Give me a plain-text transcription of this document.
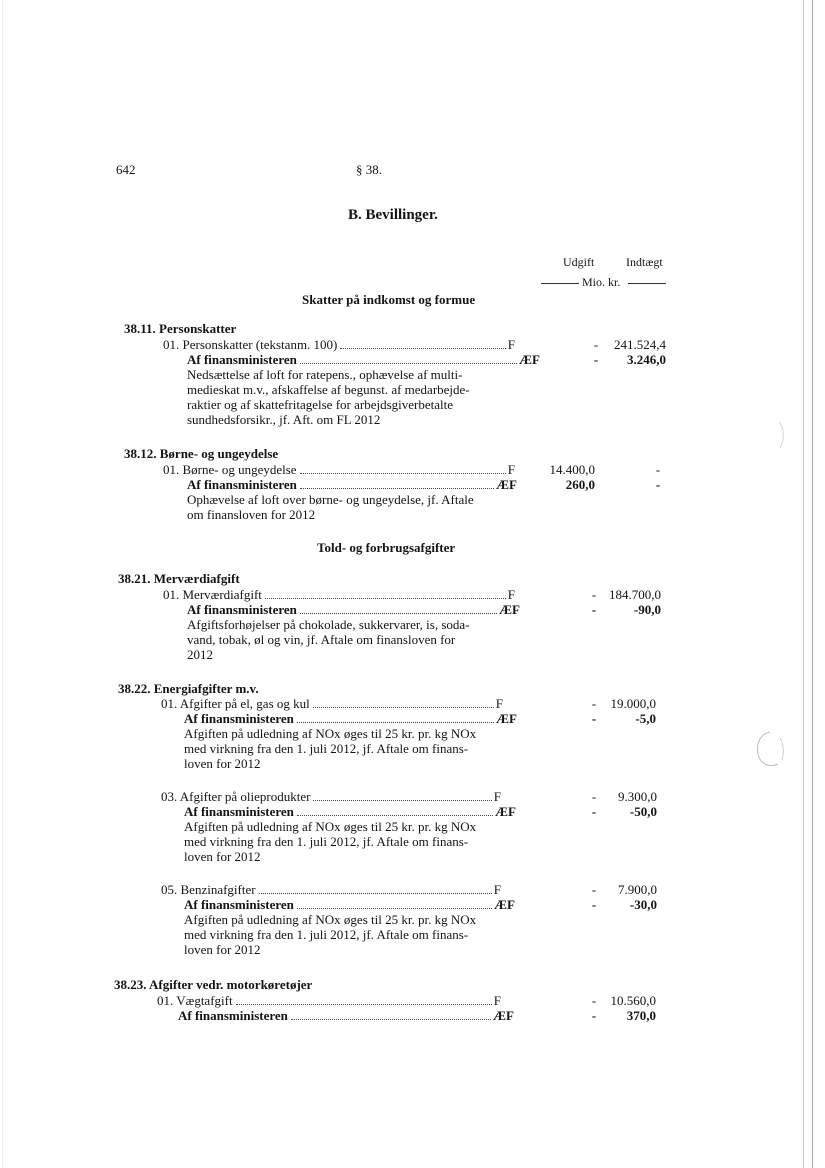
642	§ 38.
B. Bevillinger.
Udgift	Indtægt
Mio. kr.
Skatter på indkomst og formue
38.11. Personskatter
01. Personskatter (tekstanm. 100)	F	-	241.524,4
Af finansministeren	ÆF	-	3.246,0

Nedsættelse af loft for ratepens., ophævelse af multi-

medieskat m.v., afskaffelse af begunst. af medarbejde-

raktier og af skattefritagelse for arbejdsgiverbetalte

sundhedsforsikr., jf. Aft. om FL 2012

38.12. Børne- og ungeydelse
01. Børne- og ungeydelse	F	14.400,0	-
Af finansministeren	ÆF	260,0	-

Ophævelse af loft over børne- og ungeydelse, jf. Aftale

om finansloven for 2012

Told- og forbrugsafgifter
38.21. Merværdiafgift
01. Merværdiafgift	F	- 184.700,0
Af finansministeren	ÆF	-	-90,0

Afgiftsforhøjelser på chokolade, sukkervarer, is, soda-

vand, tobak, øl og vin, jf. Aftale om finansloven for

2012

38.22. Energiafgifter m.v.
01. Afgifter på el, gas og kul	F	-	19.000,0
Af finansministeren	ÆF	-	-5,0

Afgiften på udledning af NOx øges til 25 kr. pr. kg NOx

med virkning fra den 1. juli 2012, jf. Aftale om finans-

loven for 2012

03. Afgifter på olieprodukter	F	-	9.300,0
Af finansministeren	ÆF	-	-50,0

Afgiften på udledning af NOx øges til 25 kr. pr. kg NOx

med virkning fra den 1. juli 2012, jf. Aftale om finans-

loven for 2012

05. Benzinafgifter	F	-	7.900,0
Af finansministeren	ÆF	-	-30,0

Afgiften på udledning af NOx øges til 25 kr. pr. kg NOx

med virkning fra den 1. juli 2012, jf. Aftale om finans-

loven for 2012

38.23. Afgifter vedr. motorkøretøjer
01. Vægtafgift	F	-	10.560,0
Af finansministeren	ÆF	-	370,0
